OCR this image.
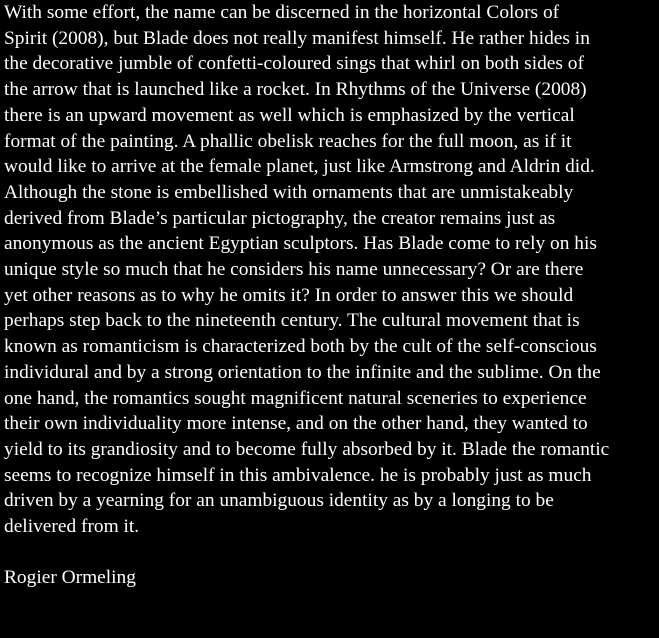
With some effort, the name can be discerned in the horizontal Colors of
Spirit (2008), but Blade does not really manifest himself. He rather hides in
the decorative jumble of confetti-coloured sings that whirl on both sides of
the arrow that is launched like a rocket. In Rhythms of the Universe (2008)
there is an upward movement as well which is emphasized by the vertical
format of the painting. A phallic obelisk reaches for the full moon, as if it
would like to arrive at the female planet, just like Armstrong and Aldrin did.
Although the stone is embellished with ornaments that are unmistakeably
derived from Blade’s particular pictography, the creator remains just as
anonymous as the ancient Egyptian sculptors. Has Blade come to rely on his
unique style so much that he considers his name unnecessary? Or are there
yet other reasons as to why he omits it? In order to answer this we should
perhaps step back to the nineteenth century. The cultural movement that is
known as romanticism is characterized both by the cult of the self-conscious
individural and by a strong orientation to the infinite and the sublime. On the
one hand, the romantics sought magnificent natural sceneries to experience
their own individuality more intense, and on the other hand, they wanted to
yield to its grandiosity and to become fully absorbed by it. Blade the romantic
seems to recognize himself in this ambivalence. he is probably just as much
driven by a yearning for an unambiguous identity as by a longing to be
delivered from it.
Rogier Ormeling
